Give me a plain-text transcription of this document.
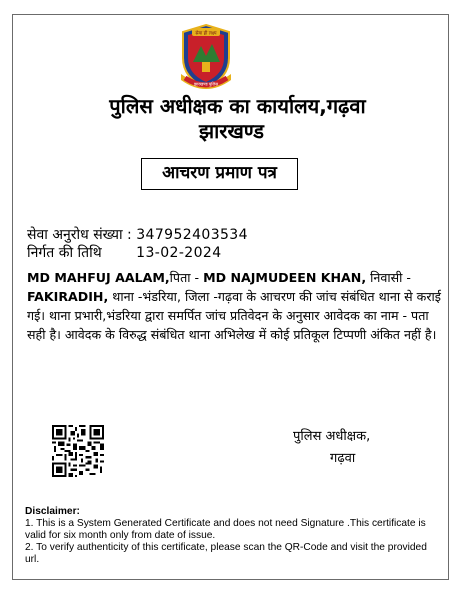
सेवा ही लक्ष्य
झारखण्ड पुलिस
पुलिस अधीक्षक का कार्यालय,गढ़वा
झारखण्ड
आचरण प्रमाण पत्र
सेवा अनुरोध संख्या : 347952403534
निर्गत की तिथि 13-02-2024
MD MAHFUJ AALAM,पिता - MD NAJMUDEEN KHAN, निवासी - FAKIRADIH, थाना -भंडरिया, जिला -गढ़वा के आचरण की जांच संबंधित थाना से कराई गई। थाना प्रभारी,भंडरिया द्वारा समर्पित जांच प्रतिवेदन के अनुसार आवेदक का नाम - पता सही है। आवेदक के विरुद्ध संबंधित थाना अभिलेख में कोई प्रतिकूल टिप्पणी अंकित नहीं है।
पुलिस अधीक्षक,
गढ़वा
Disclaimer:
1. This is a System Generated Certificate and does not need Signature .This certificate is valid for six month only from date of issue.
2. To verify authenticity of this certificate, please scan the QR-Code and visit the provided url.
